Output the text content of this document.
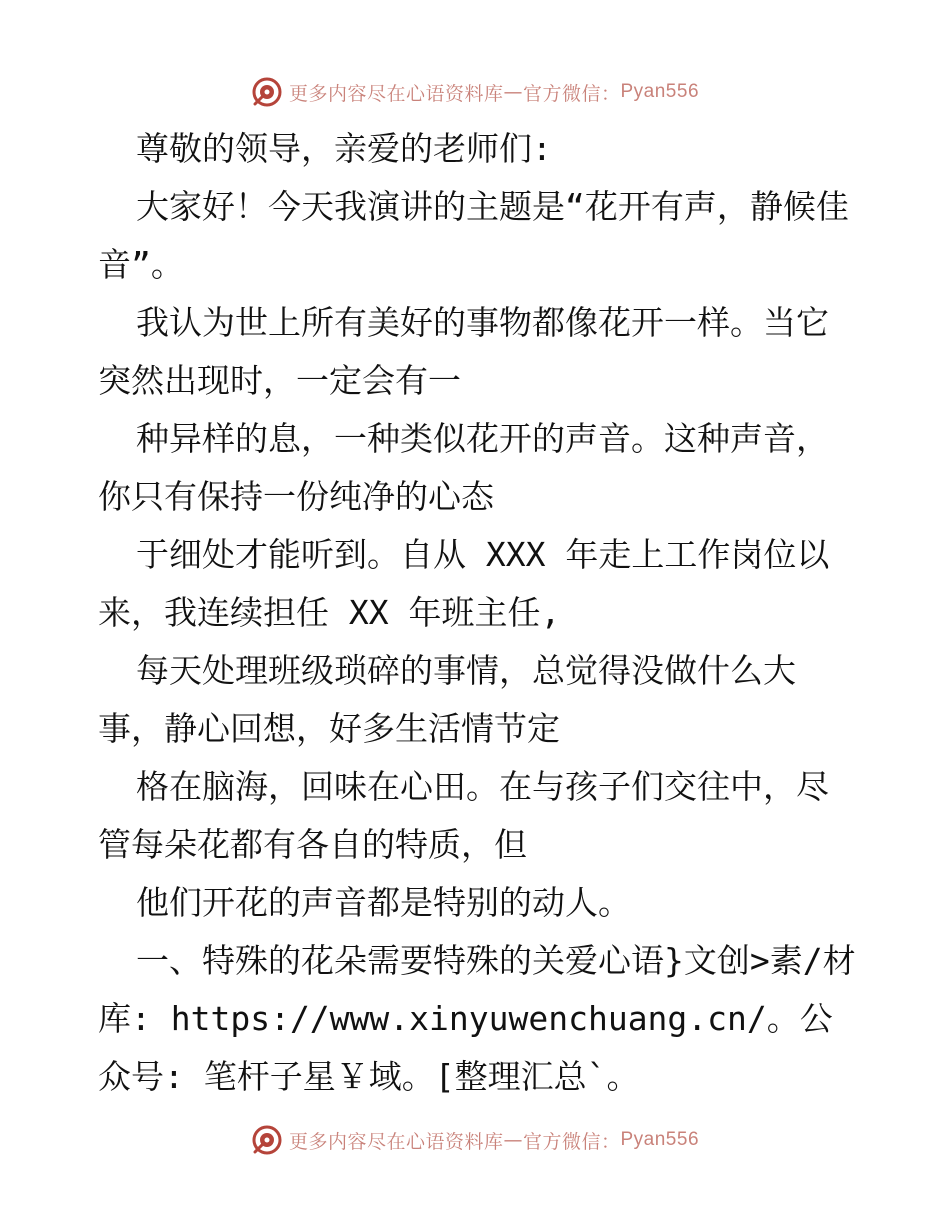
更多内容尽在心语资料库 — 官方微信： Pyan556

尊敬的领导，亲爱的老师们:

大家好！今天我演讲的主题是“花开有声，静候佳音”。

我认为世上所有美好的事物都像花开一样。当它突然出现时，一定会有一

种异样的息，一种类似花开的声音。这种声音，你只有保持一份纯净的心态

于细处才能听到。自从 XXX 年走上工作岗位以来，我连续担任 XX 年班主任,

每天处理班级琐碎的事情，总觉得没做什么大事，静心回想，好多生活情节定

格在脑海，回味在心田。在与孩子们交往中，尽管每朵花都有各自的特质，但

他们开花的声音都是特别的动人。

一、特殊的花朵需要特殊的关爱心语}文创>素/材库: https://www.xinyuwenchuang.cn/。公众号: 笔杆子星￥域。[整理汇总`。

更多内容尽在心语资料库 — 官方微信： Pyan556
